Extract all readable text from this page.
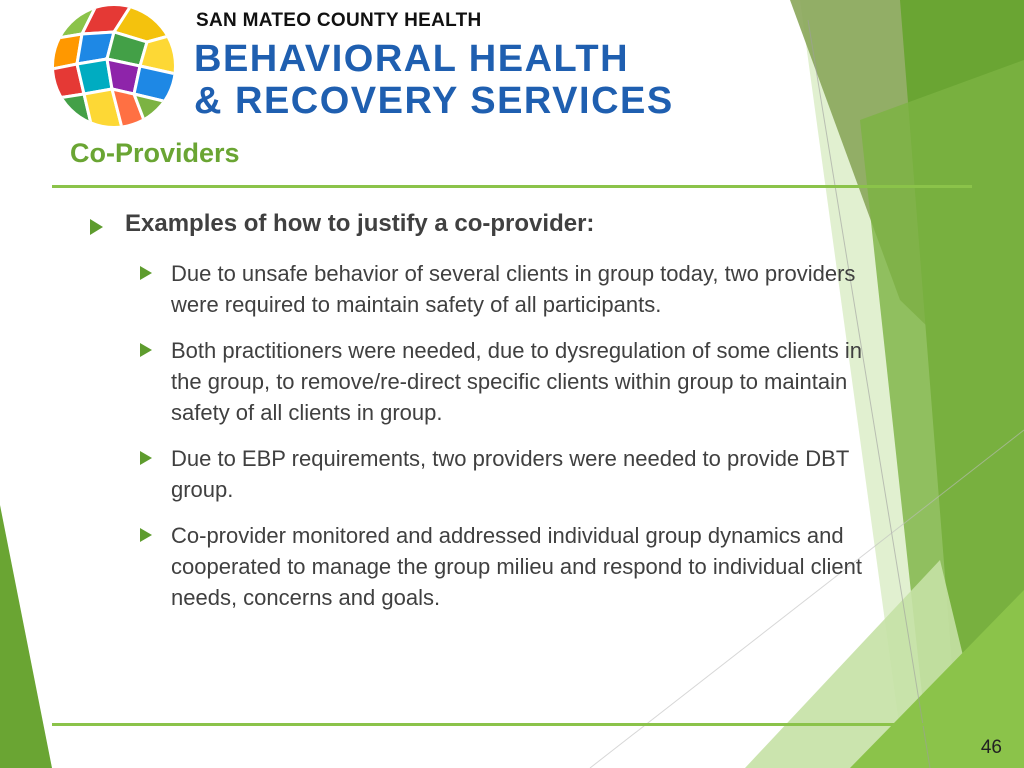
SAN MATEO COUNTY HEALTH
BEHAVIORAL HEALTH
& RECOVERY SERVICES
Co-Providers
Examples of how to justify a co-provider:
Due to unsafe behavior of several clients in group today, two providers were required to maintain safety of all participants.
Both practitioners were needed, due to dysregulation of some clients in the group, to remove/re-direct specific clients within group to maintain safety of all clients in group.
Due to EBP requirements, two providers were needed to provide DBT group.
Co-provider monitored and addressed individual group dynamics and cooperated to manage the group milieu and respond to individual client needs, concerns and goals.
46
